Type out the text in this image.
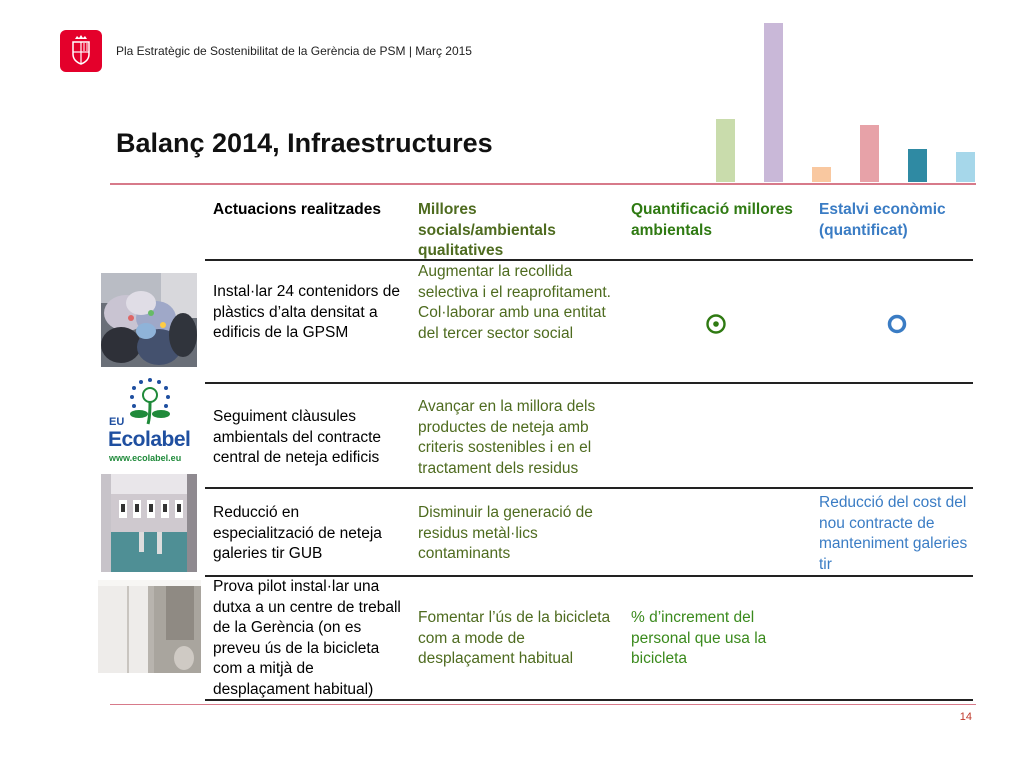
Pla Estratègic de Sostenibilitat de la Gerència de PSM | Març 2015
Balanç 2014, Infraestructures
Actuacions realitzades	Millores socials/ambientals qualitatives
Quantificació millores ambientals
Estalvi econòmic (quantificat)
Instal·lar 24 contenidors de plàstics d’alta densitat a edificis de la GPSM
Augmentar la recollida selectiva i el reaprofitament. Col·laborar amb una entitat del tercer sector social
EU
Ecolabel
www.ecolabel.eu
Seguiment clàusules ambientals del contracte central de neteja edificis
Avançar en la millora dels productes de neteja amb criteris sostenibles i en el tractament dels residus
Reducció en especialització de neteja galeries tir GUB
Disminuir la generació de residus metàl·lics contaminants
Reducció del cost del nou contracte de manteniment galeries tir
Prova pilot instal·lar una dutxa a un centre de treball de la Gerència (on es preveu ús de la bicicleta com a mitjà de desplaçament habitual)
Fomentar l’ús de la bicicleta com a mode de desplaçament habitual
% d’increment del personal que usa la bicicleta
14
